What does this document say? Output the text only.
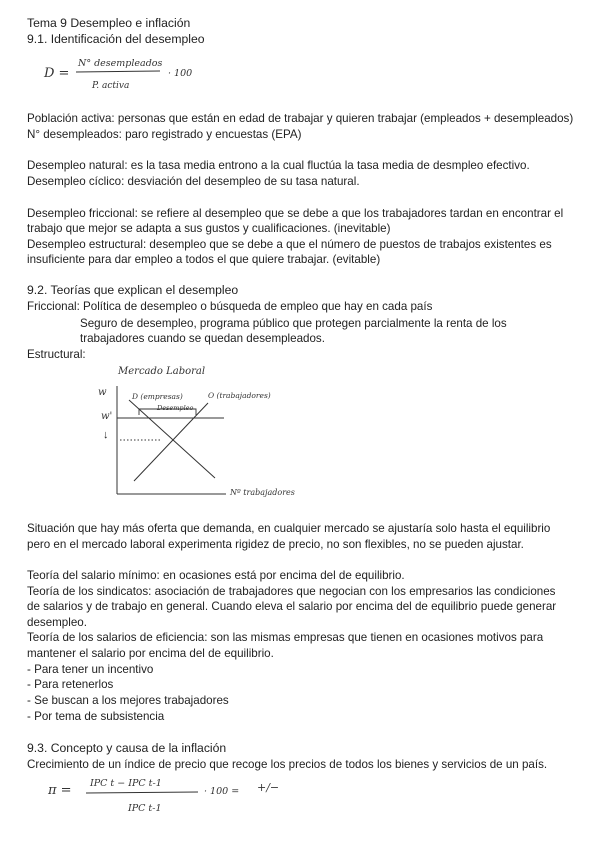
Tema 9 Desempleo e inflación
9.1. Identificación del desempleo
D =
N° desempleados
P. activa
· 100
Población activa: personas que están en edad de trabajar y quieren trabajar (empleados + desempleados)
N° desempleados: paro registrado y encuestas (EPA)
Desempleo natural: es la tasa media entrono a la cual fluctúa la tasa media de desmpleo efectivo.
Desempleo cíclico: desviación del desempleo de su tasa natural.
Desempleo friccional: se refiere al desempleo que se debe a que los trabajadores tardan en encontrar el
trabajo que mejor se adapta a sus gustos y cualificaciones. (inevitable)
Desempleo estructural: desempleo que se debe a que el número de puestos de trabajos existentes es
insuficiente para dar empleo a todos el que quiere trabajar. (evitable)
9.2. Teorías que explican el desempleo
Friccional: Política de desempleo o búsqueda de empleo que hay en cada país
Seguro de desempleo, programa público que protegen parcialmente la renta de los
trabajadores cuando se quedan desempleados.
Estructural:
Mercado Laboral
w
w'
↓
D (empresas)	O (trabajadores)
Desempleo
Nº trabajadores
Situación que hay más oferta que demanda, en cualquier mercado se ajustaría solo hasta el equilibrio
pero en el mercado laboral experimenta rigidez de precio, no son flexibles, no se pueden ajustar.
Teoría del salario mínimo: en ocasiones está por encima del de equilibrio.
Teoría de los sindicatos: asociación de trabajadores que negocian con los empresarios las condiciones
de salarios y de trabajo en general. Cuando eleva el salario por encima del de equilibrio puede generar
desempleo.
Teoría de los salarios de eficiencia: son las mismas empresas que tienen en ocasiones motivos para
mantener el salario por encima del de equilibrio.
- Para tener un incentivo
- Para retenerlos
- Se buscan a los mejores trabajadores
- Por tema de subsistencia
9.3. Concepto y causa de la inflación
Crecimiento de un índice de precio que recoge los precios de todos los bienes y servicios de un país.
π = IPC t − IPC t-1
IPC t-1
· 100 = +/−
